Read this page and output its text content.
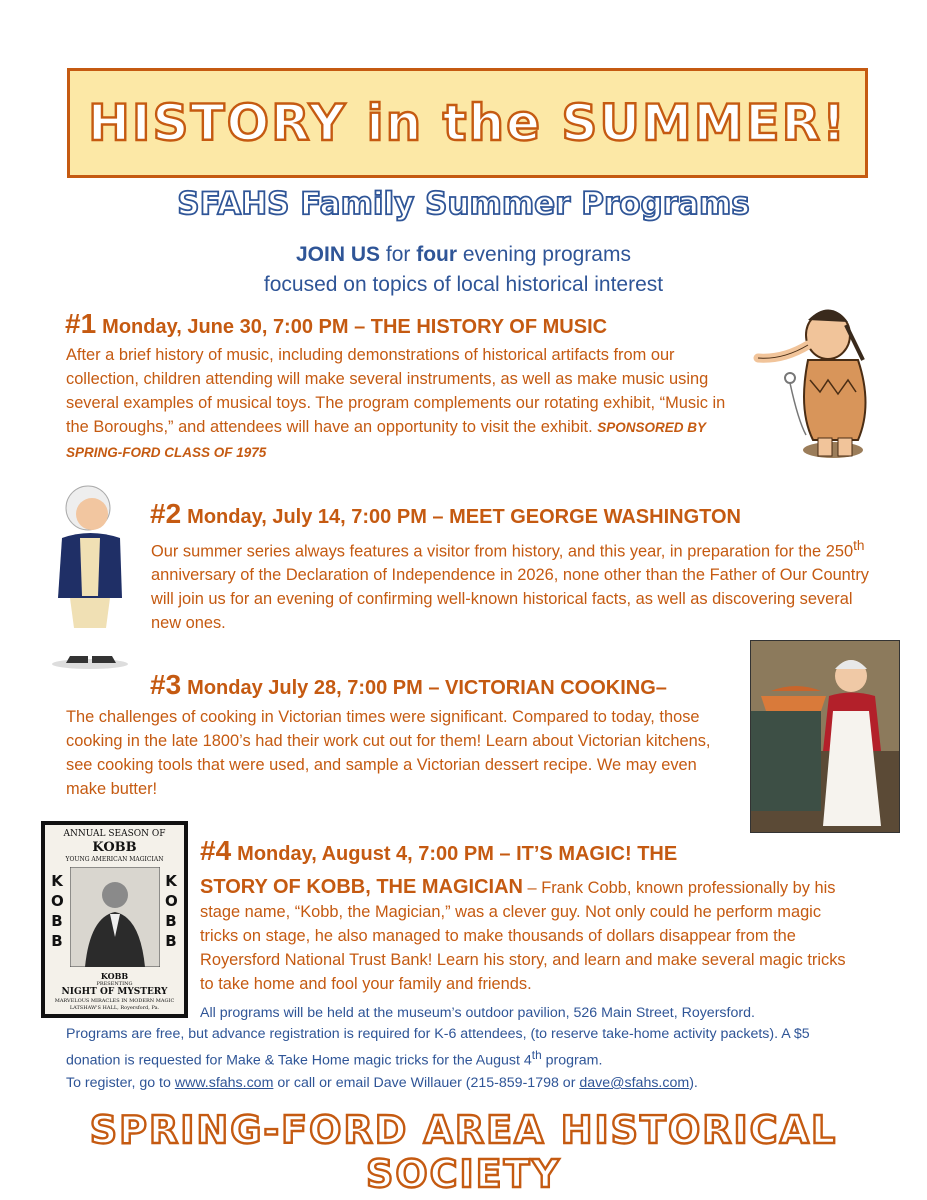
HISTORY in the SUMMER!
SFAHS Family Summer Programs
JOIN US for four evening programs
focused on topics of local historical interest
#1 Monday, June 30, 7:00 PM – THE HISTORY OF MUSIC
After a brief history of music, including demonstrations of historical artifacts from our collection, children attending will make several instruments, as well as make music using several examples of musical toys. The program complements our rotating exhibit, “Music in the Boroughs,” and attendees will have an opportunity to visit the exhibit. SPONSORED BY SPRING-FORD CLASS OF 1975
#2 Monday, July 14, 7:00 PM – MEET GEORGE WASHINGTON
Our summer series always features a visitor from history, and this year, in preparation for the 250th anniversary of the Declaration of Independence in 2026, none other than the Father of Our Country will join us for an evening of confirming well-known historical facts, as well as discovering several new ones.
#3 Monday July 28, 7:00 PM – VICTORIAN COOKING–
The challenges of cooking in Victorian times were significant. Compared to today, those cooking in the late 1800’s had their work cut out for them! Learn about Victorian kitchens, see cooking tools that were used, and sample a Victorian dessert recipe. We may even make butter!
ANNUAL SEASON OF
KOBB
YOUNG AMERICAN MAGICIAN
KOBB
KOBB
KOBB
PRESENTING
NIGHT OF MYSTERY
MARVELOUS MIRACLES IN MODERN MAGIC
LATSHAW'S HALL, Royersford, Pa.
#4 Monday, August 4, 7:00 PM – IT’S MAGIC! THE
STORY OF KOBB, THE MAGICIAN – Frank Cobb, known professionally by his stage name, “Kobb, the Magician,” was a clever guy. Not only could he perform magic tricks on stage, he also managed to make thousands of dollars disappear from the Royersford National Trust Bank! Learn his story, and learn and make several magic tricks to take home and fool your family and friends.
All programs will be held at the museum’s outdoor pavilion, 526 Main Street, Royersford.
Programs are free, but advance registration is required for K-6 attendees, (to reserve take-home activity packets). A $5 donation is requested for Make & Take Home magic tricks for the August 4th program.
To register, go to www.sfahs.com or call or email Dave Willauer (215-859-1798 or dave@sfahs.com).
SPRING-FORD AREA HISTORICAL SOCIETY
